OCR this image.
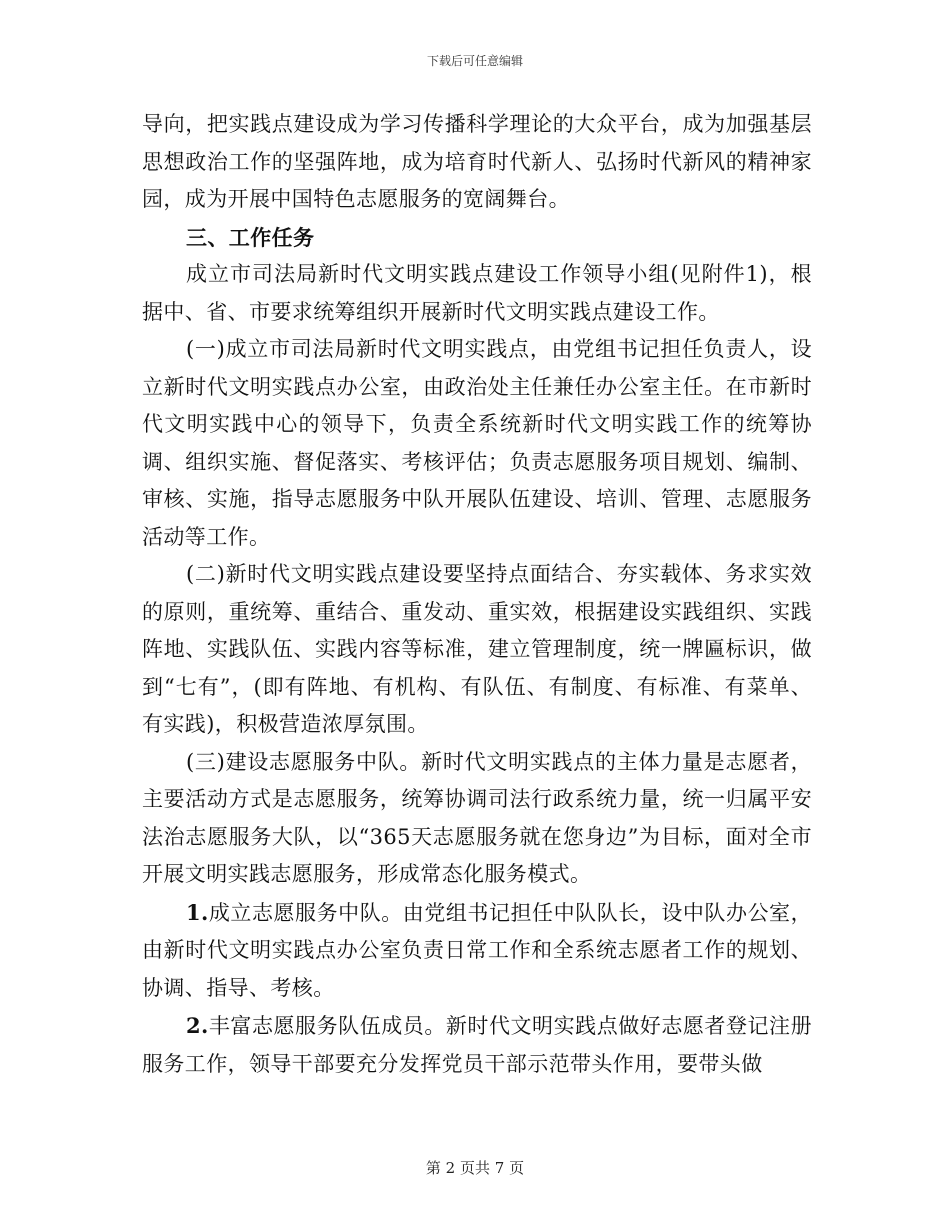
下载后可任意编辑

导向，把实践点建设成为学习传播科学理论的大众平台，成为加强基层思想政治工作的坚强阵地，成为培育时代新人、弘扬时代新风的精神家园，成为开展中国特色志愿服务的宽阔舞台。

三、工作任务

成立市司法局新时代文明实践点建设工作领导小组(见附件1)，根据中、省、市要求统筹组织开展新时代文明实践点建设工作。

(一)成立市司法局新时代文明实践点，由党组书记担任负责人，设立新时代文明实践点办公室，由政治处主任兼任办公室主任。在市新时代文明实践中心的领导下，负责全系统新时代文明实践工作的统筹协调、组织实施、督促落实、考核评估；负责志愿服务项目规划、编制、审核、实施，指导志愿服务中队开展队伍建设、培训、管理、志愿服务活动等工作。

(二)新时代文明实践点建设要坚持点面结合、夯实载体、务求实效的原则，重统筹、重结合、重发动、重实效，根据建设实践组织、实践阵地、实践队伍、实践内容等标准，建立管理制度，统一牌匾标识，做到“七有”，(即有阵地、有机构、有队伍、有制度、有标准、有菜单、有实践)，积极营造浓厚氛围。

(三)建设志愿服务中队。新时代文明实践点的主体力量是志愿者，主要活动方式是志愿服务，统筹协调司法行政系统力量，统一归属平安法治志愿服务大队，以“365天志愿服务就在您身边”为目标，面对全市开展文明实践志愿服务，形成常态化服务模式。

1.成立志愿服务中队。由党组书记担任中队队长，设中队办公室，由新时代文明实践点办公室负责日常工作和全系统志愿者工作的规划、协调、指导、考核。

2.丰富志愿服务队伍成员。新时代文明实践点做好志愿者登记注册服务工作，领导干部要充分发挥党员干部示范带头作用，要带头做

第 2 页共 7 页
